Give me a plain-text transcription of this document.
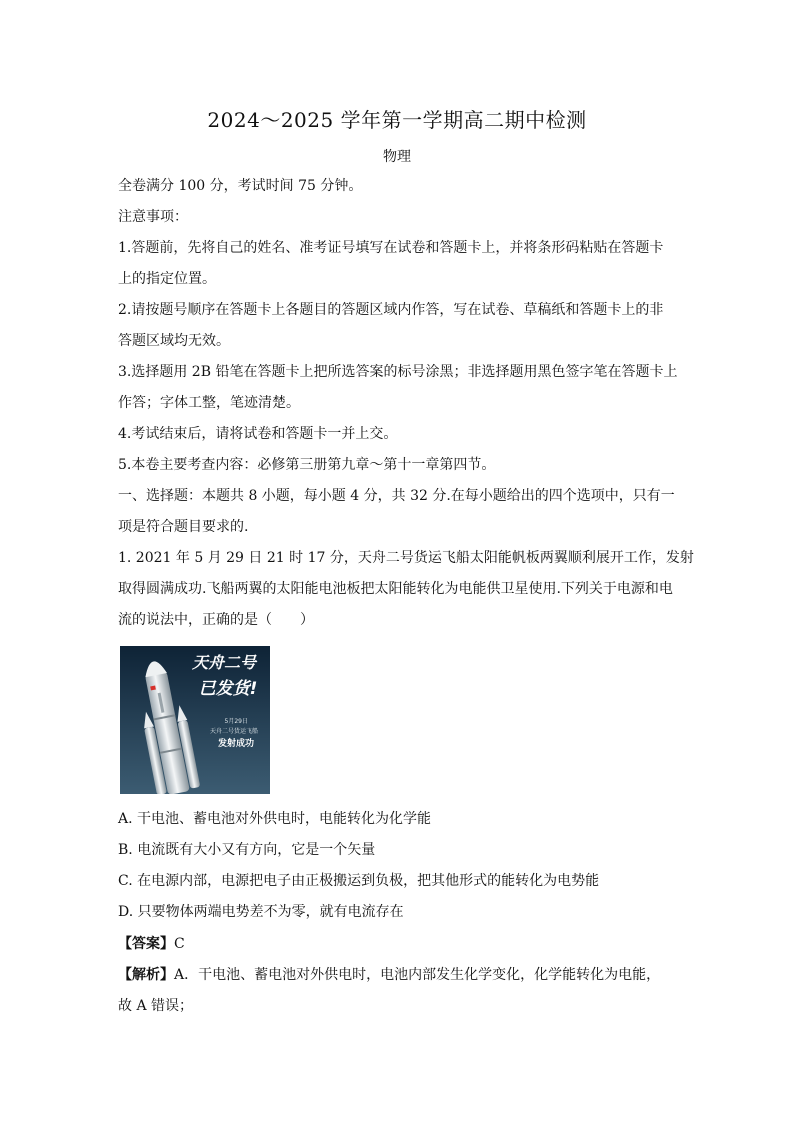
2024～2025 学年第一学期高二期中检测
物理
全卷满分 100 分，考试时间 75 分钟。
注意事项：
1.答题前，先将自己的姓名、准考证号填写在试卷和答题卡上，并将条形码粘贴在答题卡
上的指定位置。
2.请按题号顺序在答题卡上各题目的答题区域内作答，写在试卷、草稿纸和答题卡上的非
答题区域均无效。
3.选择题用 2B 铅笔在答题卡上把所选答案的标号涂黑；非选择题用黑色签字笔在答题卡上
作答；字体工整，笔迹清楚。
4.考试结束后，请将试卷和答题卡一并上交。
5.本卷主要考查内容：必修第三册第九章～第十一章第四节。
一、选择题：本题共 8 小题，每小题 4 分，共 32 分.在每小题给出的四个选项中，只有一
项是符合题目要求的.
1. 2021 年 5 月 29 日 21 时 17 分，天舟二号货运飞船太阳能帆板两翼顺利展开工作，发射
取得圆满成功.飞船两翼的太阳能电池板把太阳能转化为电能供卫星使用.下列关于电源和电
流的说法中，正确的是（　　）
天舟二号
已发货!
5月29日
天舟二号货运飞船
发射成功
A. 干电池、蓄电池对外供电时，电能转化为化学能
B. 电流既有大小又有方向，它是一个矢量
C. 在电源内部，电源把电子由正极搬运到负极，把其他形式的能转化为电势能
D. 只要物体两端电势差不为零，就有电流存在
【答案】C
【解析】A．干电池、蓄电池对外供电时，电池内部发生化学变化，化学能转化为电能，
故 A 错误；
